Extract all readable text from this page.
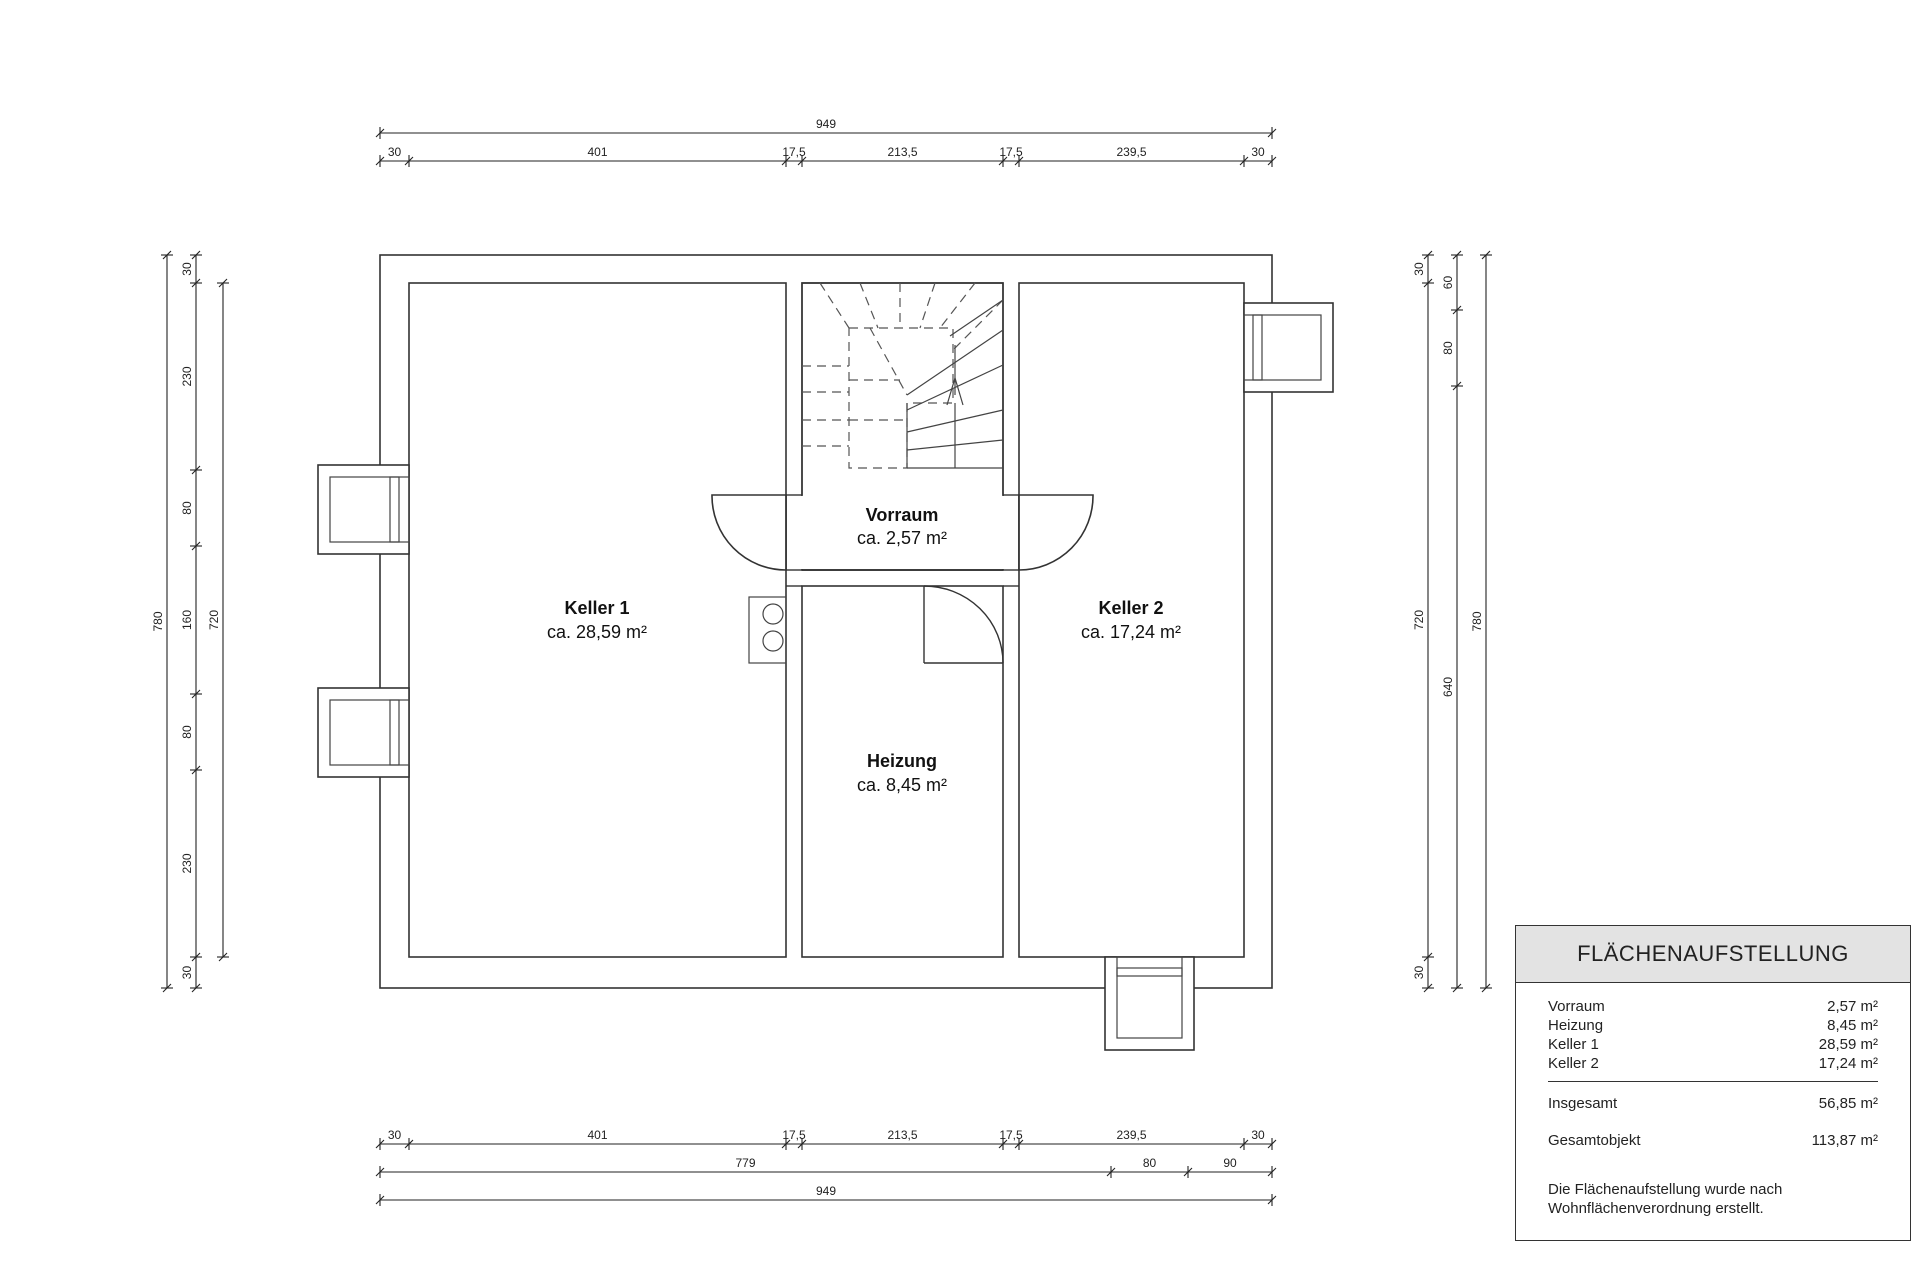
Vorraum
ca. 2,57 m²
Keller 1
ca. 28,59 m²
Keller 2
ca. 17,24 m²
Heizung
ca. 8,45 m²
949
30	401	17,5	213,5	17,5	239,5	30
30	401	17,5	213,5	17,5	239,5	30
779	80	90
949
780
30
230
80
160
80
230
30
720
30
720
30
60
80
640
780
FLÄCHENAUFSTELLUNG
Vorraum	2,57 m²
Heizung	8,45 m²
Keller 1	28,59 m²
Keller 2	17,24 m²
Insgesamt	56,85 m²
Gesamtobjekt	113,87 m²
Die Flächenaufstellung wurde nach Wohnflächenverordnung erstellt.
